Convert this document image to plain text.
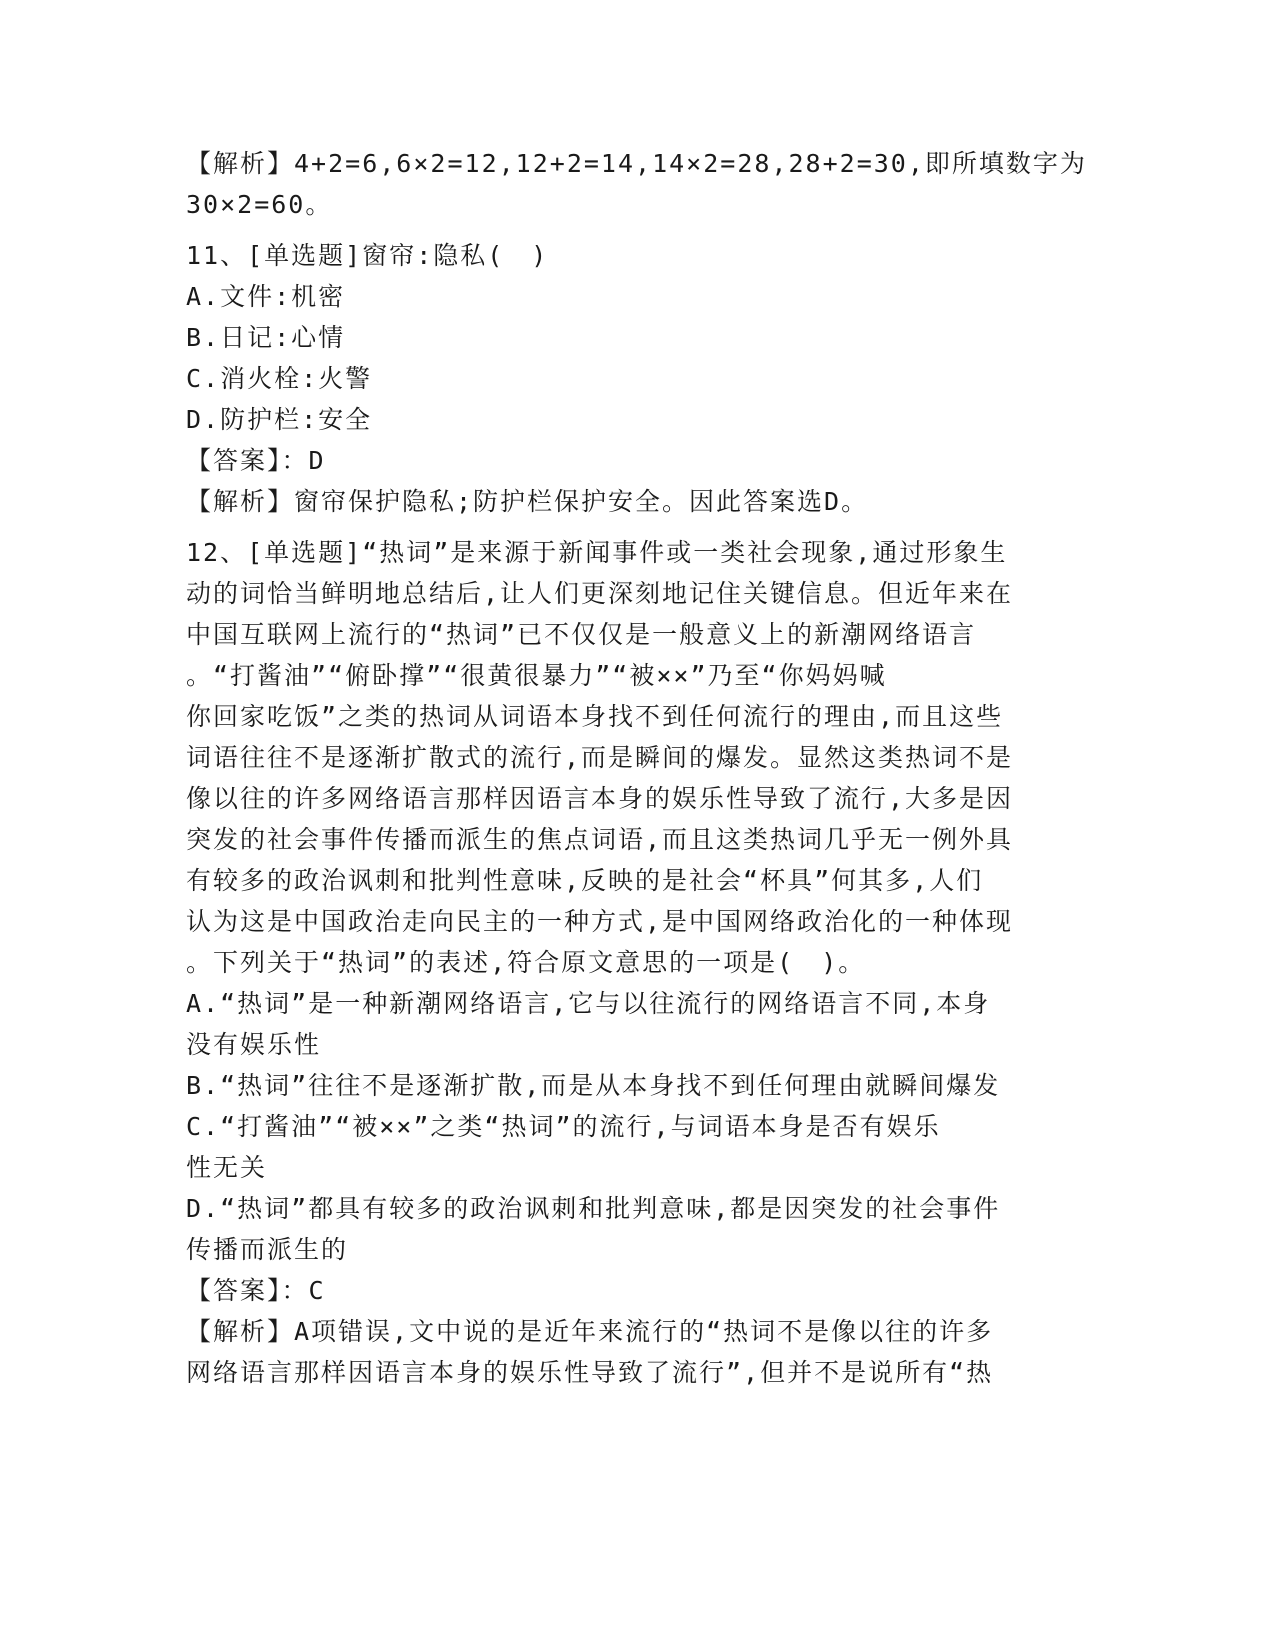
【解析】4+2=6,6×2=12,12+2=14,14×2=28,28+2=30,即所填数字为
30×2=60。
11、[单选题]窗帘:隐私(　)
A.文件:机密
B.日记:心情
C.消火栓:火警
D.防护栏:安全
【答案】：D
【解析】窗帘保护隐私;防护栏保护安全。因此答案选D。
12、[单选题]“热词”是来源于新闻事件或一类社会现象,通过形象生
动的词恰当鲜明地总结后,让人们更深刻地记住关键信息。但近年来在
中国互联网上流行的“热词”已不仅仅是一般意义上的新潮网络语言
。“打酱油”“俯卧撑”“很黄很暴力”“被××”乃至“你妈妈喊
你回家吃饭”之类的热词从词语本身找不到任何流行的理由,而且这些
词语往往不是逐渐扩散式的流行,而是瞬间的爆发。显然这类热词不是
像以往的许多网络语言那样因语言本身的娱乐性导致了流行,大多是因
突发的社会事件传播而派生的焦点词语,而且这类热词几乎无一例外具
有较多的政治讽刺和批判性意味,反映的是社会“杯具”何其多,人们
认为这是中国政治走向民主的一种方式,是中国网络政治化的一种体现
。下列关于“热词”的表述,符合原文意思的一项是(　)。
A.“热词”是一种新潮网络语言,它与以往流行的网络语言不同,本身
没有娱乐性
B.“热词”往往不是逐渐扩散,而是从本身找不到任何理由就瞬间爆发
C.“打酱油”“被××”之类“热词”的流行,与词语本身是否有娱乐
性无关
D.“热词”都具有较多的政治讽刺和批判意味,都是因突发的社会事件
传播而派生的
【答案】：C
【解析】A项错误,文中说的是近年来流行的“热词不是像以往的许多
网络语言那样因语言本身的娱乐性导致了流行”,但并不是说所有“热
